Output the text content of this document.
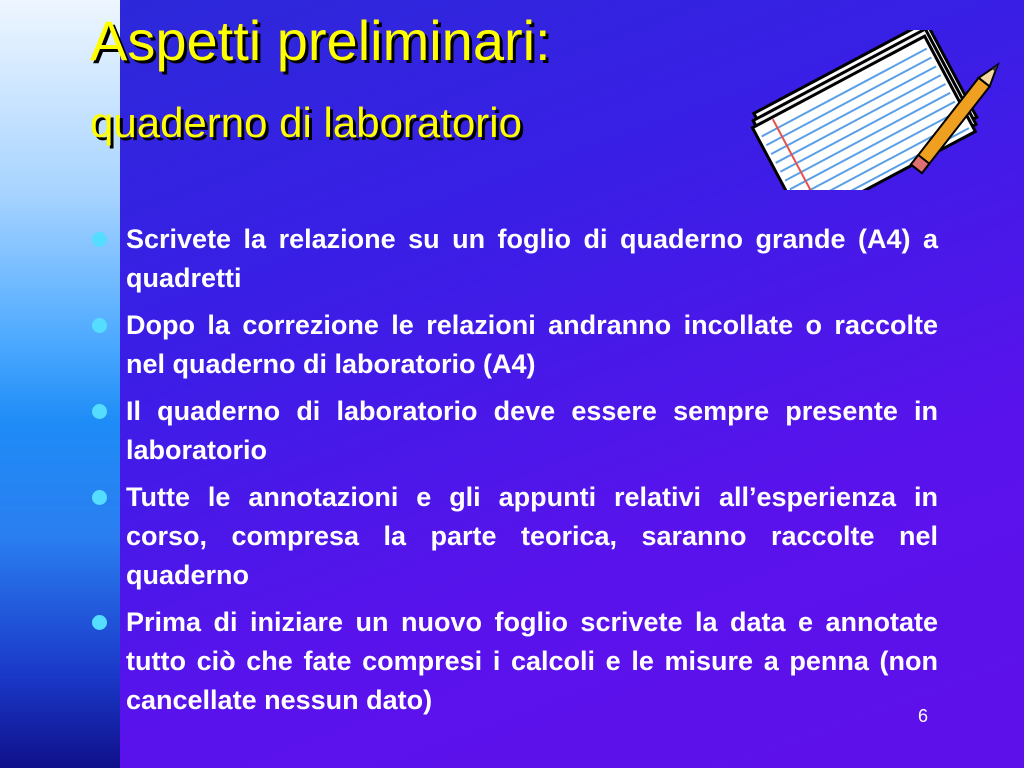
Aspetti preliminari:
quaderno di laboratorio
Scrivete la relazione su un foglio di quaderno grande (A4) a quadretti
Dopo la correzione le relazioni andranno incollate o raccolte nel quaderno di laboratorio (A4)
Il quaderno di laboratorio deve essere sempre presente in laboratorio
Tutte le annotazioni e gli appunti relativi all’esperienza in corso, compresa la parte teorica, saranno raccolte nel quaderno
Prima di iniziare un nuovo foglio scrivete la data e annotate tutto ciò che fate compresi i calcoli e le misure a penna (non cancellate nessun dato)
6
